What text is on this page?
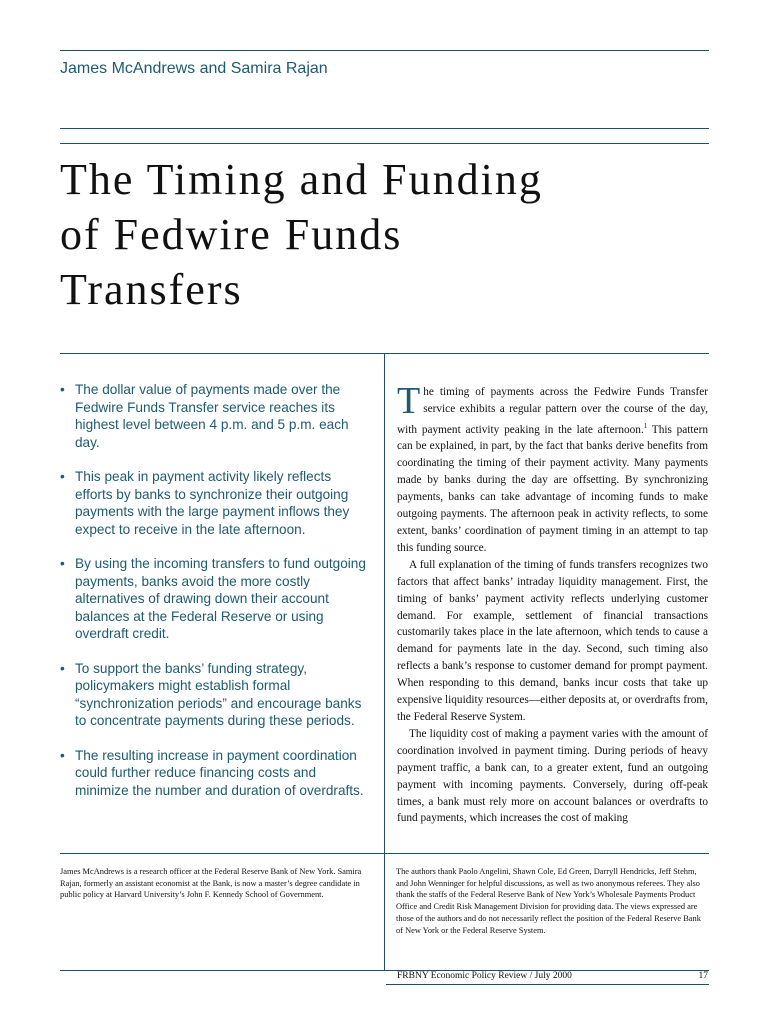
James McAndrews and Samira Rajan
The Timing and Funding
of Fedwire Funds
Transfers
• The dollar value of payments made over the Fedwire Funds Transfer service reaches its highest level between 4 p.m. and 5 p.m. each day.
• This peak in payment activity likely reflects efforts by banks to synchronize their outgoing payments with the large payment inflows they expect to receive in the late afternoon.
• By using the incoming transfers to fund outgoing payments, banks avoid the more costly alternatives of drawing down their account balances at the Federal Reserve or using overdraft credit.
• To support the banks’ funding strategy, policymakers might establish formal “synchronization periods” and encourage banks to concentrate payments during these periods.
• The resulting increase in payment coordination could further reduce financing costs and minimize the number and duration of overdrafts.

The timing of payments across the Fedwire Funds Transfer service exhibits a regular pattern over the course of the day, with payment activity peaking in the late afternoon.$^1$ This pattern can be explained, in part, by the fact that banks derive benefits from coordinating the timing of their payment activity. Many payments made by banks during the day are offsetting. By synchronizing payments, banks can take advantage of incoming funds to make outgoing payments. The afternoon peak in activity reflects, to some extent, banks’ coordination of payment timing in an attempt to tap this funding source.

A full explanation of the timing of funds transfers recognizes two factors that affect banks’ intraday liquidity management. First, the timing of banks’ payment activity reflects underlying customer demand. For example, settlement of financial transactions customarily takes place in the late afternoon, which tends to cause a demand for payments late in the day. Second, such timing also reflects a bank’s response to customer demand for prompt payment. When responding to this demand, banks incur costs that take up expensive liquidity resources—either deposits at, or overdrafts from, the Federal Reserve System.

The liquidity cost of making a payment varies with the amount of coordination involved in payment timing. During periods of heavy payment traffic, a bank can, to a greater extent, fund an outgoing payment with incoming payments. Conversely, during off-peak times, a bank must rely more on account balances or overdrafts to fund payments, which increases the cost of making

James McAndrews is a research officer at the Federal Reserve Bank of New York. Samira Rajan, formerly an assistant economist at the Bank, is now a master’s degree candidate in public policy at Harvard University’s John F. Kennedy School of Government.
The authors thank Paolo Angelini, Shawn Cole, Ed Green, Darryll Hendricks, Jeff Stehm, and John Wenninger for helpful discussions, as well as two anonymous referees. They also thank the staffs of the Federal Reserve Bank of New York’s Wholesale Payments Product Office and Credit Risk Management Division for providing data. The views expressed are those of the authors and do not necessarily reflect the position of the Federal Reserve Bank of New York or the Federal Reserve System.
FRBNY Economic Policy Review / July 2000	17
